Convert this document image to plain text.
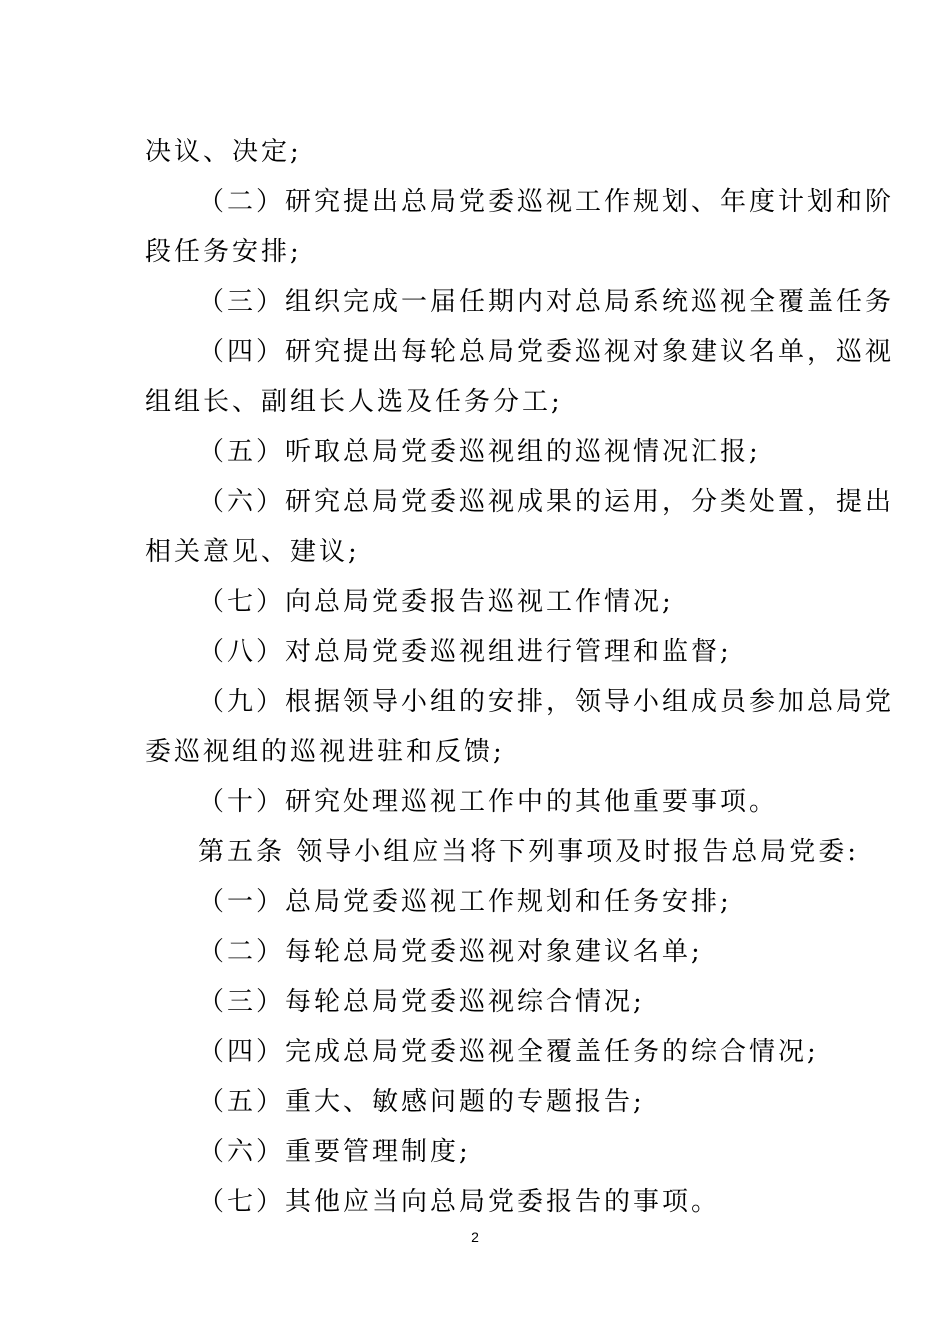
决议、决定;
（二）研究提出总局党委巡视工作规划、年度计划和阶
段任务安排;
（三）组织完成一届任期内对总局系统巡视全覆盖任务
（四）研究提出每轮总局党委巡视对象建议名单，巡视
组组长、副组长人选及任务分工;
（五）听取总局党委巡视组的巡视情况汇报;
（六）研究总局党委巡视成果的运用，分类处置，提出
相关意见、建议;
（七）向总局党委报告巡视工作情况;
（八）对总局党委巡视组进行管理和监督;
（九）根据领导小组的安排，领导小组成员参加总局党
委巡视组的巡视进驻和反馈;
（十）研究处理巡视工作中的其他重要事项。
第五条 领导小组应当将下列事项及时报告总局党委:
（一）总局党委巡视工作规划和任务安排;
（二）每轮总局党委巡视对象建议名单;
（三）每轮总局党委巡视综合情况;
（四）完成总局党委巡视全覆盖任务的综合情况;
（五）重大、敏感问题的专题报告;
（六）重要管理制度;
（七）其他应当向总局党委报告的事项。
2
